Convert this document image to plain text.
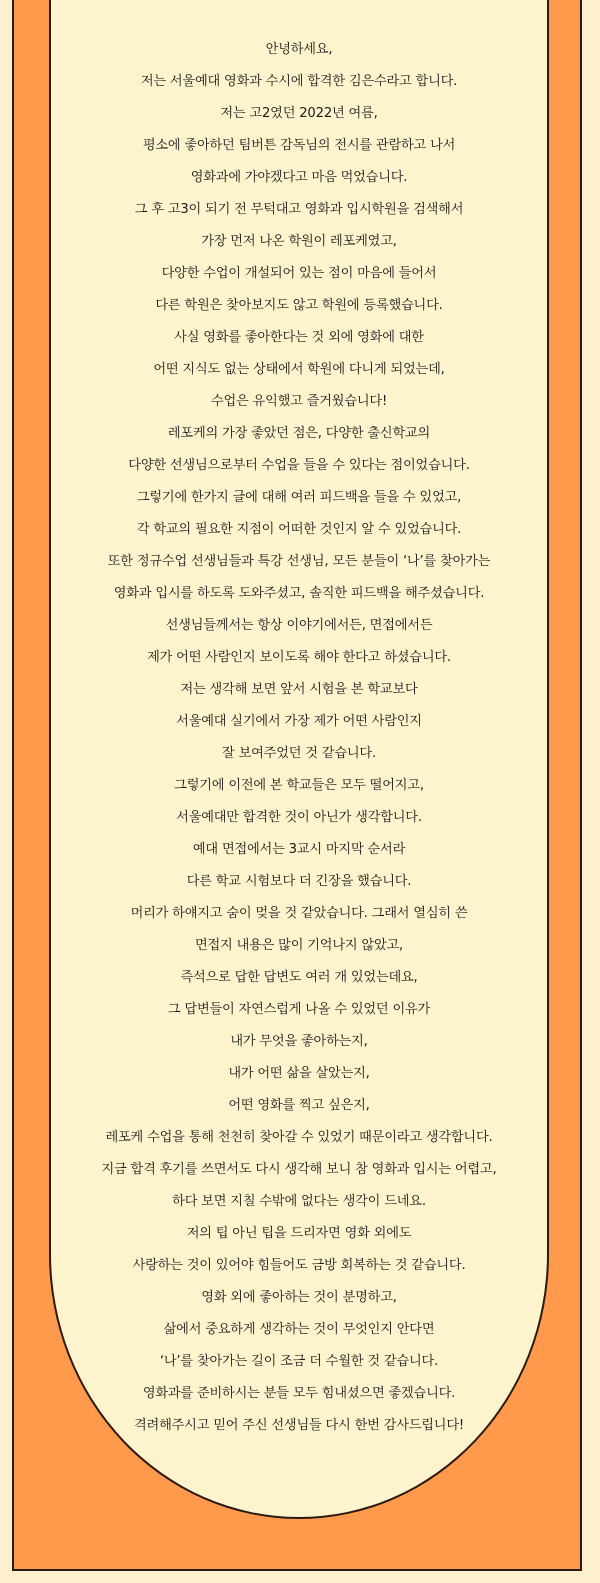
안녕하세요,
저는 서울예대 영화과 수시에 합격한 김은수라고 합니다.
저는 고2였던 2022년 여름,
평소에 좋아하던 팀버튼 감독님의 전시를 관람하고 나서
영화과에 가야겠다고 마음 먹었습니다.
그 후 고3이 되기 전 무턱대고 영화과 입시학원을 검색해서
가장 먼저 나온 학원이 레포케였고,
다양한 수업이 개설되어 있는 점이 마음에 들어서
다른 학원은 찾아보지도 않고 학원에 등록했습니다.
사실 영화를 좋아한다는 것 외에 영화에 대한
어떤 지식도 없는 상태에서 학원에 다니게 되었는데,
수업은 유익했고 즐거웠습니다!
레포케의 가장 좋았던 점은, 다양한 출신학교의
다양한 선생님으로부터 수업을 들을 수 있다는 점이었습니다.
그렇기에 한가지 글에 대해 여러 피드백을 들을 수 있었고,
각 학교의 필요한 지점이 어떠한 것인지 알 수 있었습니다.
또한 정규수업 선생님들과 특강 선생님, 모든 분들이 ‘나’를 찾아가는
영화과 입시를 하도록 도와주셨고, 솔직한 피드백을 해주셨습니다.
선생님들께서는 항상 이야기에서든, 면접에서든
제가 어떤 사람인지 보이도록 해야 한다고 하셨습니다.
저는 생각해 보면 앞서 시험을 본 학교보다
서울예대 실기에서 가장 제가 어떤 사람인지
잘 보여주었던 것 같습니다.
그렇기에 이전에 본 학교들은 모두 떨어지고,
서울예대만 합격한 것이 아닌가 생각합니다.
예대 면접에서는 3교시 마지막 순서라
다른 학교 시험보다 더 긴장을 했습니다.
머리가 하얘지고 숨이 멎을 것 같았습니다. 그래서 열심히 쓴
면접지 내용은 많이 기억나지 않았고,
즉석으로 답한 답변도 여러 개 있었는데요,
그 답변들이 자연스럽게 나올 수 있었던 이유가
내가 무엇을 좋아하는지,
내가 어떤 삶을 살았는지,
어떤 영화를 찍고 싶은지,
레포케 수업을 통해 천천히 찾아갈 수 있었기 때문이라고 생각합니다.
지금 합격 후기를 쓰면서도 다시 생각해 보니 참 영화과 입시는 어렵고,
하다 보면 지칠 수밖에 없다는 생각이 드네요.
저의 팁 아닌 팁을 드리자면 영화 외에도
사랑하는 것이 있어야 힘들어도 금방 회복하는 것 같습니다.
영화 외에 좋아하는 것이 분명하고,
삶에서 중요하게 생각하는 것이 무엇인지 안다면
‘나’를 찾아가는 길이 조금 더 수월한 것 같습니다.
영화과를 준비하시는 분들 모두 힘내셨으면 좋겠습니다.
격려해주시고 믿어 주신 선생님들 다시 한번 감사드립니다!
